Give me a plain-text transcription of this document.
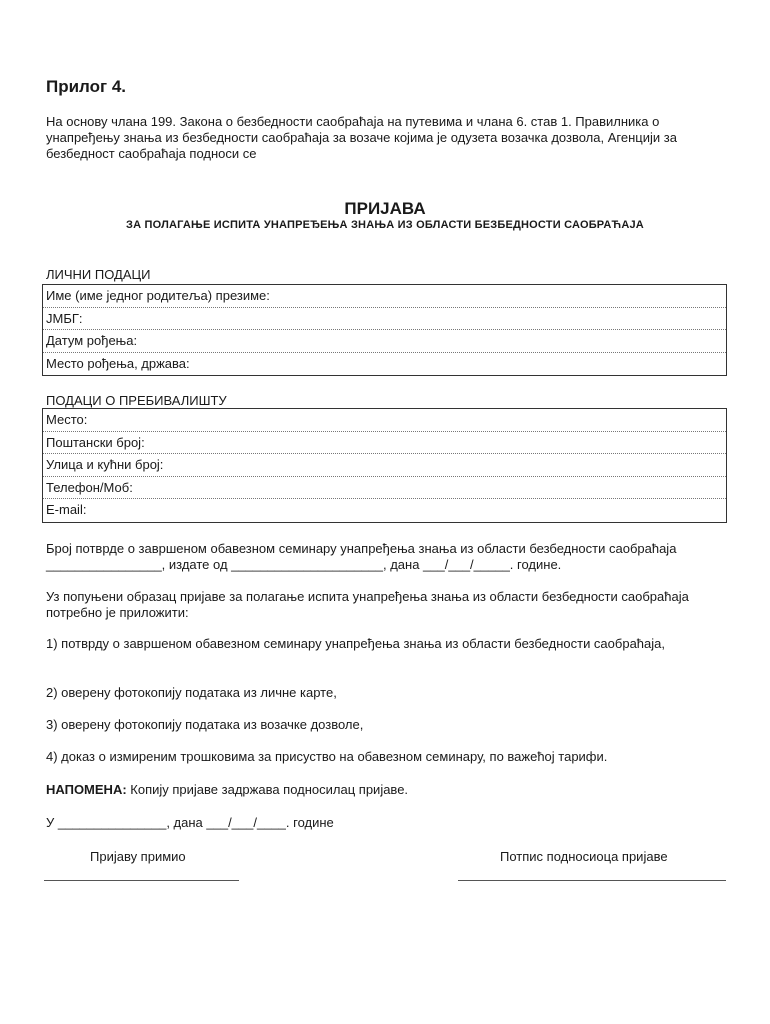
Прилог 4.
На основу члана 199. Закона о безбедности саобраћаја на путевима и члана 6. став 1. Правилника о унапређењу знања из безбедности саобраћаја за возаче којима је одузета возачка дозвола, Агенцији за безбедност саобраћаја подноси се
ПРИЈАВА
ЗА ПОЛАГАЊЕ ИСПИТА УНАПРЕЂЕЊА ЗНАЊА ИЗ ОБЛАСТИ БЕЗБЕДНОСТИ САОБРАЋАЈА
ЛИЧНИ ПОДАЦИ
Име (име једног родитеља) презиме:
ЈМБГ:
Датум рођења:
Место рођења, држава:
ПОДАЦИ О ПРЕБИВАЛИШТУ
Место:
Поштански број:
Улица и кућни број:
Телефон/Моб:
E-mail:
Број потврде о завршеном обавезном семинару унапређења знања из области безбедности саобраћаја ________________, издате од _____________________, дана ___/___/_____. године.
Уз попуњени образац пријаве за полагање испита унапређења знања из области безбедности саобраћаја потребно је приложити:
1) потврду о завршеном обавезном семинару унапређења знања из области безбедности саобраћаја,
2) оверену фотокопију података из личне карте,
3) оверену фотокопију података из возачке дозволе,
4) доказ о измиреним трошковима за присуство на обавезном семинару, по важећој тарифи.
НАПОМЕНА: Копију пријаве задржава подносилац пријаве.
У _______________, дана ___/___/____. године
Пријаву примио	Потпис подносиоца пријаве
